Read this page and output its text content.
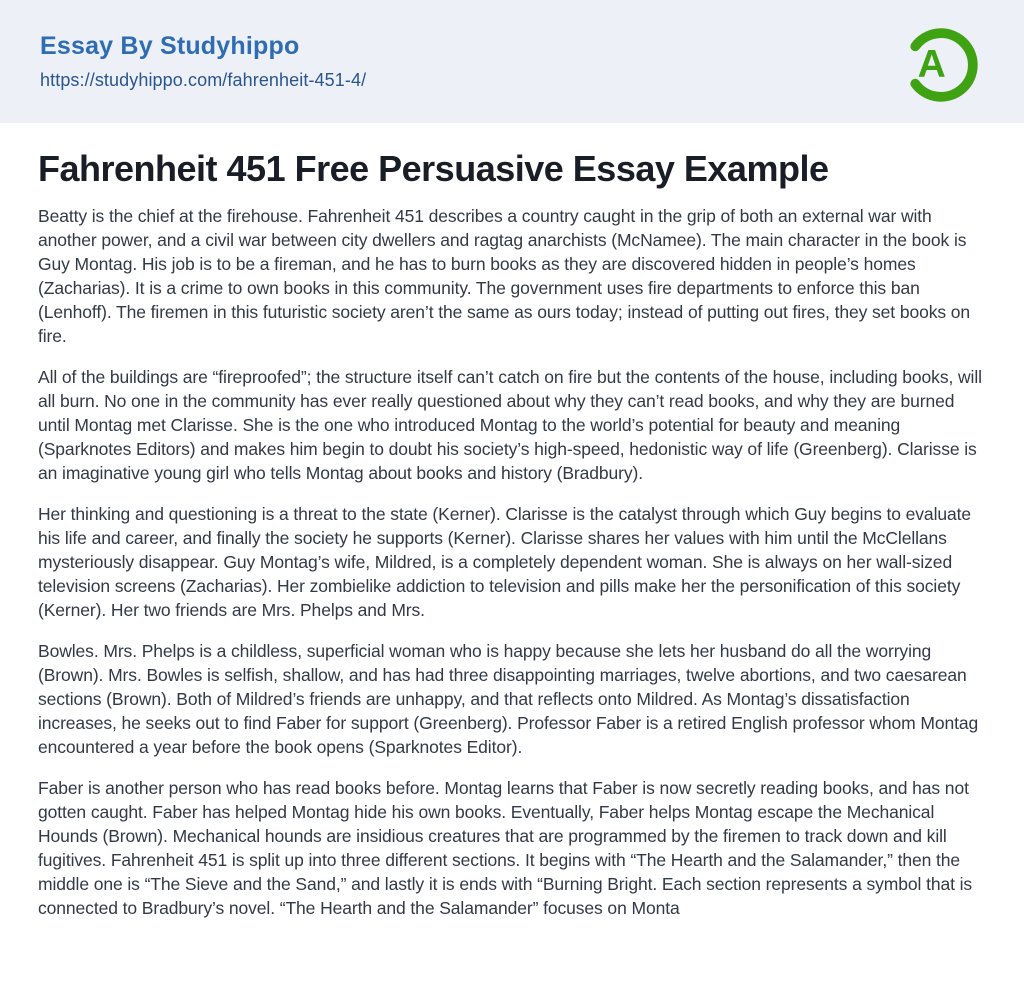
Essay By Studyhippo
https://studyhippo.com/fahrenheit-451-4/	A
Fahrenheit 451 Free Persuasive Essay Example

Beatty is the chief at the firehouse. Fahrenheit 451 describes a country caught in the grip of both an external war with another power, and a civil war between city dwellers and ragtag anarchists (McNamee). The main character in the book is Guy Montag. His job is to be a fireman, and he has to burn books as they are discovered hidden in people’s homes (Zacharias). It is a crime to own books in this community. The government uses fire departments to enforce this ban (Lenhoff). The firemen in this futuristic society aren’t the same as ours today; instead of putting out fires, they set books on fire.

All of the buildings are “fireproofed”; the structure itself can’t catch on fire but the contents of the house, including books, will all burn. No one in the community has ever really questioned about why they can’t read books, and why they are burned until Montag met Clarisse. She is the one who introduced Montag to the world’s potential for beauty and meaning (Sparknotes Editors) and makes him begin to doubt his society’s high-speed, hedonistic way of life (Greenberg). Clarisse is an imaginative young girl who tells Montag about books and history (Bradbury).

Her thinking and questioning is a threat to the state (Kerner). Clarisse is the catalyst through which Guy begins to evaluate his life and career, and finally the society he supports (Kerner). Clarisse shares her values with him until the McClellans mysteriously disappear. Guy Montag’s wife, Mildred, is a completely dependent woman. She is always on her wall-sized television screens (Zacharias). Her zombielike addiction to television and pills make her the personification of this society (Kerner). Her two friends are Mrs. Phelps and Mrs.

Bowles. Mrs. Phelps is a childless, superficial woman who is happy because she lets her husband do all the worrying (Brown). Mrs. Bowles is selfish, shallow, and has had three disappointing marriages, twelve abortions, and two caesarean sections (Brown). Both of Mildred’s friends are unhappy, and that reflects onto Mildred. As Montag’s dissatisfaction increases, he seeks out to find Faber for support (Greenberg). Professor Faber is a retired English professor whom Montag encountered a year before the book opens (Sparknotes Editor).

Faber is another person who has read books before. Montag learns that Faber is now secretly reading books, and has not gotten caught. Faber has helped Montag hide his own books. Eventually, Faber helps Montag escape the Mechanical Hounds (Brown). Mechanical hounds are insidious creatures that are programmed by the firemen to track down and kill fugitives. Fahrenheit 451 is split up into three different sections. It begins with “The Hearth and the Salamander,” then the middle one is “The Sieve and the Sand,” and lastly it is ends with “Burning Bright. Each section represents a symbol that is connected to Bradbury’s novel. “The Hearth and the Salamander” focuses on Monta
